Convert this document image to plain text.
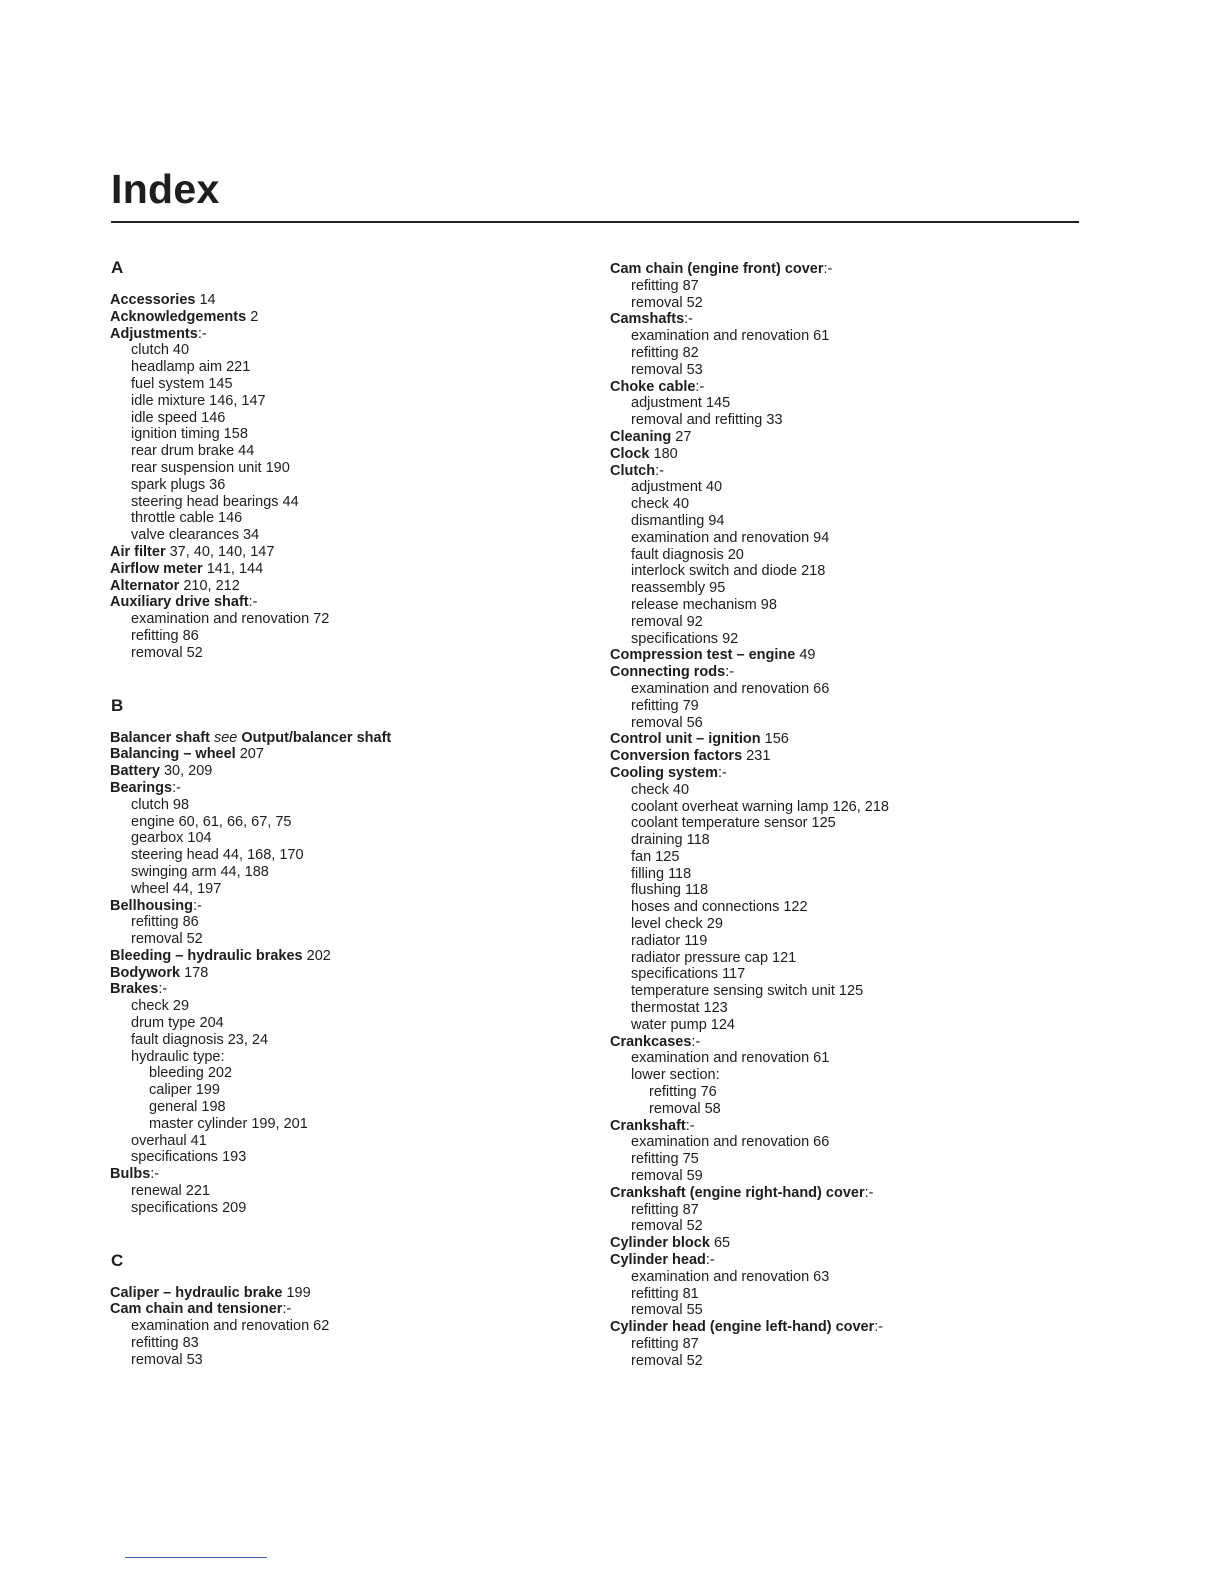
Index
A
Accessories 14
Acknowledgements 2
Adjustments:-
clutch 40
headlamp aim 221
fuel system 145
idle mixture 146, 147
idle speed 146
ignition timing 158
rear drum brake 44
rear suspension unit 190
spark plugs 36
steering head bearings 44
throttle cable 146
valve clearances 34
Air filter 37, 40, 140, 147
Airflow meter 141, 144
Alternator 210, 212
Auxiliary drive shaft:-
examination and renovation 72
refitting 86
removal 52
B
Balancer shaft see Output/balancer shaft
Balancing – wheel 207
Battery 30, 209
Bearings:-
clutch 98
engine 60, 61, 66, 67, 75
gearbox 104
steering head 44, 168, 170
swinging arm 44, 188
wheel 44, 197
Bellhousing:-
refitting 86
removal 52
Bleeding – hydraulic brakes 202
Bodywork 178
Brakes:-
check 29
drum type 204
fault diagnosis 23, 24
hydraulic type:
bleeding 202
caliper 199
general 198
master cylinder 199, 201
overhaul 41
specifications 193
Bulbs:-
renewal 221
specifications 209
C
Caliper – hydraulic brake 199
Cam chain and tensioner:-
examination and renovation 62
refitting 83
removal 53
Cam chain (engine front) cover:-
refitting 87
removal 52
Camshafts:-
examination and renovation 61
refitting 82
removal 53
Choke cable:-
adjustment 145
removal and refitting 33
Cleaning 27
Clock 180
Clutch:-
adjustment 40
check 40
dismantling 94
examination and renovation 94
fault diagnosis 20
interlock switch and diode 218
reassembly 95
release mechanism 98
removal 92
specifications 92
Compression test – engine 49
Connecting rods:-
examination and renovation 66
refitting 79
removal 56
Control unit – ignition 156
Conversion factors 231
Cooling system:-
check 40
coolant overheat warning lamp 126, 218
coolant temperature sensor 125
draining 118
fan 125
filling 118
flushing 118
hoses and connections 122
level check 29
radiator 119
radiator pressure cap 121
specifications 117
temperature sensing switch unit 125
thermostat 123
water pump 124
Crankcases:-
examination and renovation 61
lower section:
refitting 76
removal 58
Crankshaft:-
examination and renovation 66
refitting 75
removal 59
Crankshaft (engine right-hand) cover:-
refitting 87
removal 52
Cylinder block 65
Cylinder head:-
examination and renovation 63
refitting 81
removal 55
Cylinder head (engine left-hand) cover:-
refitting 87
removal 52
